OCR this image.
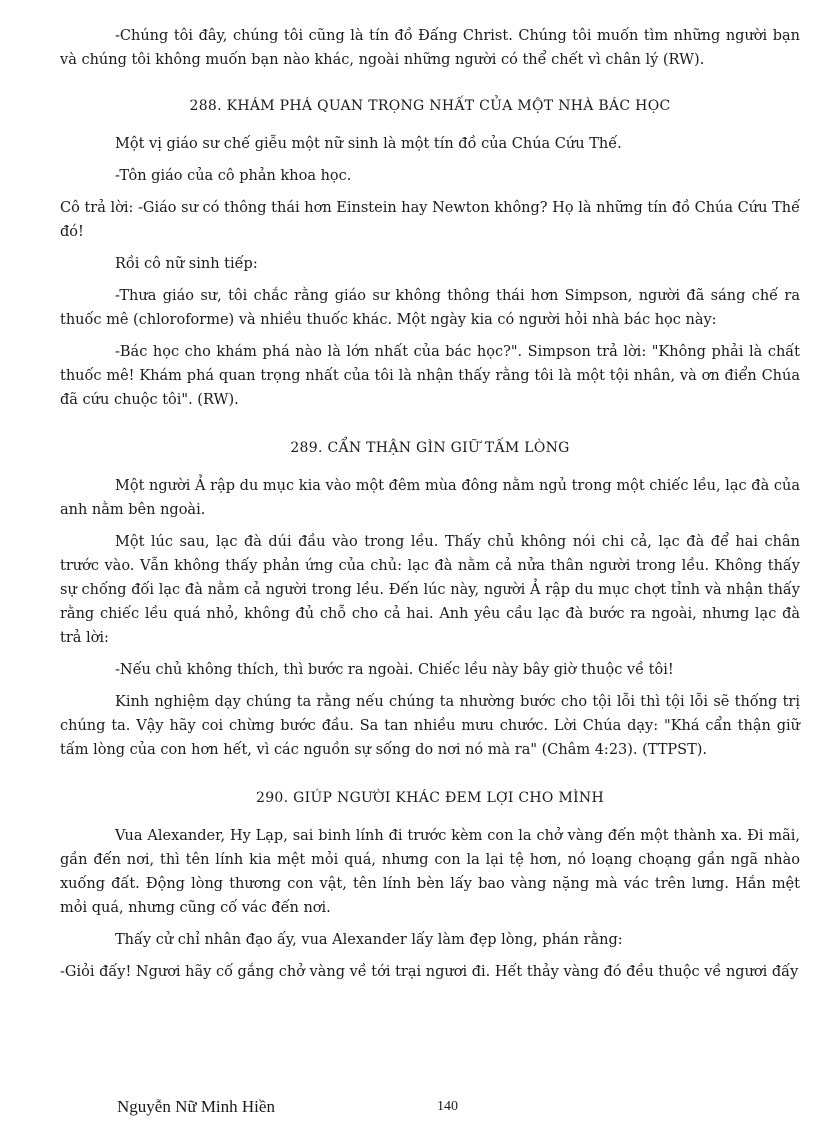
-Chúng tôi đây, chúng tôi cũng là tín đồ Đấng Christ. Chúng tôi muốn tìm những người bạn và chúng tôi không muốn bạn nào khác, ngoài những người có thể chết vì chân lý (RW).

288. KHÁM PHÁ QUAN TRỌNG NHẤT CỦA MỘT NHÀ BÁC HỌC

Một vị giáo sư chế giễu một nữ sinh là một tín đồ của Chúa Cứu Thế.

-Tôn giáo của cô phản khoa học.

Cô trả lời: -Giáo sư có thông thái hơn Einstein hay Newton không? Họ là những tín đồ Chúa Cứu Thế đó!

Rồi cô nữ sinh tiếp:

-Thưa giáo sư, tôi chắc rằng giáo sư không thông thái hơn Simpson, người đã sáng chế ra thuốc mê (chloroforme) và nhiều thuốc khác. Một ngày kia có người hỏi nhà bác học này:

-Bác học cho khám phá nào là lớn nhất của bác học?". Simpson trả lời: "Không phải là chất thuốc mê! Khám phá quan trọng nhất của tôi là nhận thấy rằng tôi là một tội nhân, và ơn điển Chúa đã cứu chuộc tôi". (RW).

289. CẨN THẬN GÌN GIỮ TẤM LÒNG

Một người Ả rập du mục kia vào một đêm mùa đông nằm ngủ trong một chiếc lều, lạc đà của anh nằm bên ngoài.

Một lúc sau, lạc đà dúi đầu vào trong lều. Thấy chủ không nói chi cả, lạc đà để hai chân trước vào. Vẫn không thấy phản ứng của chủ: lạc đà nằm cả nửa thân người trong lều. Không thấy sự chống đối lạc đà nằm cả người trong lều. Đến lúc này, người Ả rập du mục chợt tỉnh và nhận thấy rằng chiếc lều quá nhỏ, không đủ chỗ cho cả hai. Anh yêu cầu lạc đà bước ra ngoài, nhưng lạc đà trả lời:

-Nếu chủ không thích, thì bước ra ngoài. Chiếc lều này bây giờ thuộc về tôi!

Kinh nghiệm dạy chúng ta rằng nếu chúng ta nhường bước cho tội lỗi thì tội lỗi sẽ thống trị chúng ta. Vậy hãy coi chừng bước đầu. Sa tan nhiều mưu chước. Lời Chúa dạy: "Khá cẩn thận giữ tấm lòng của con hơn hết, vì các nguồn sự sống do nơi nó mà ra" (Châm 4:23). (TTPST).

290. GIÚP NGƯỜI KHÁC ĐEM LỢI CHO MÌNH

Vua Alexander, Hy Lạp, sai binh lính đi trước kèm con la chở vàng đến một thành xa. Đi mãi, gần đến nơi, thì tên lính kia mệt mỏi quá, nhưng con la lại tệ hơn, nó loạng choạng gần ngã nhào xuống đất. Động lòng thương con vật, tên lính bèn lấy bao vàng nặng mà vác trên lưng. Hắn mệt mỏi quá, nhưng cũng cố vác đến nơi.

Thấy cử chỉ nhân đạo ấy, vua Alexander lấy làm đẹp lòng, phán rằng:

-Giỏi đấy! Ngươi hãy cố gắng chở vàng về tới trại ngươi đi. Hết thảy vàng đó đều thuộc về ngươi đấy

Nguyễn Nữ Minh Hiền	140
